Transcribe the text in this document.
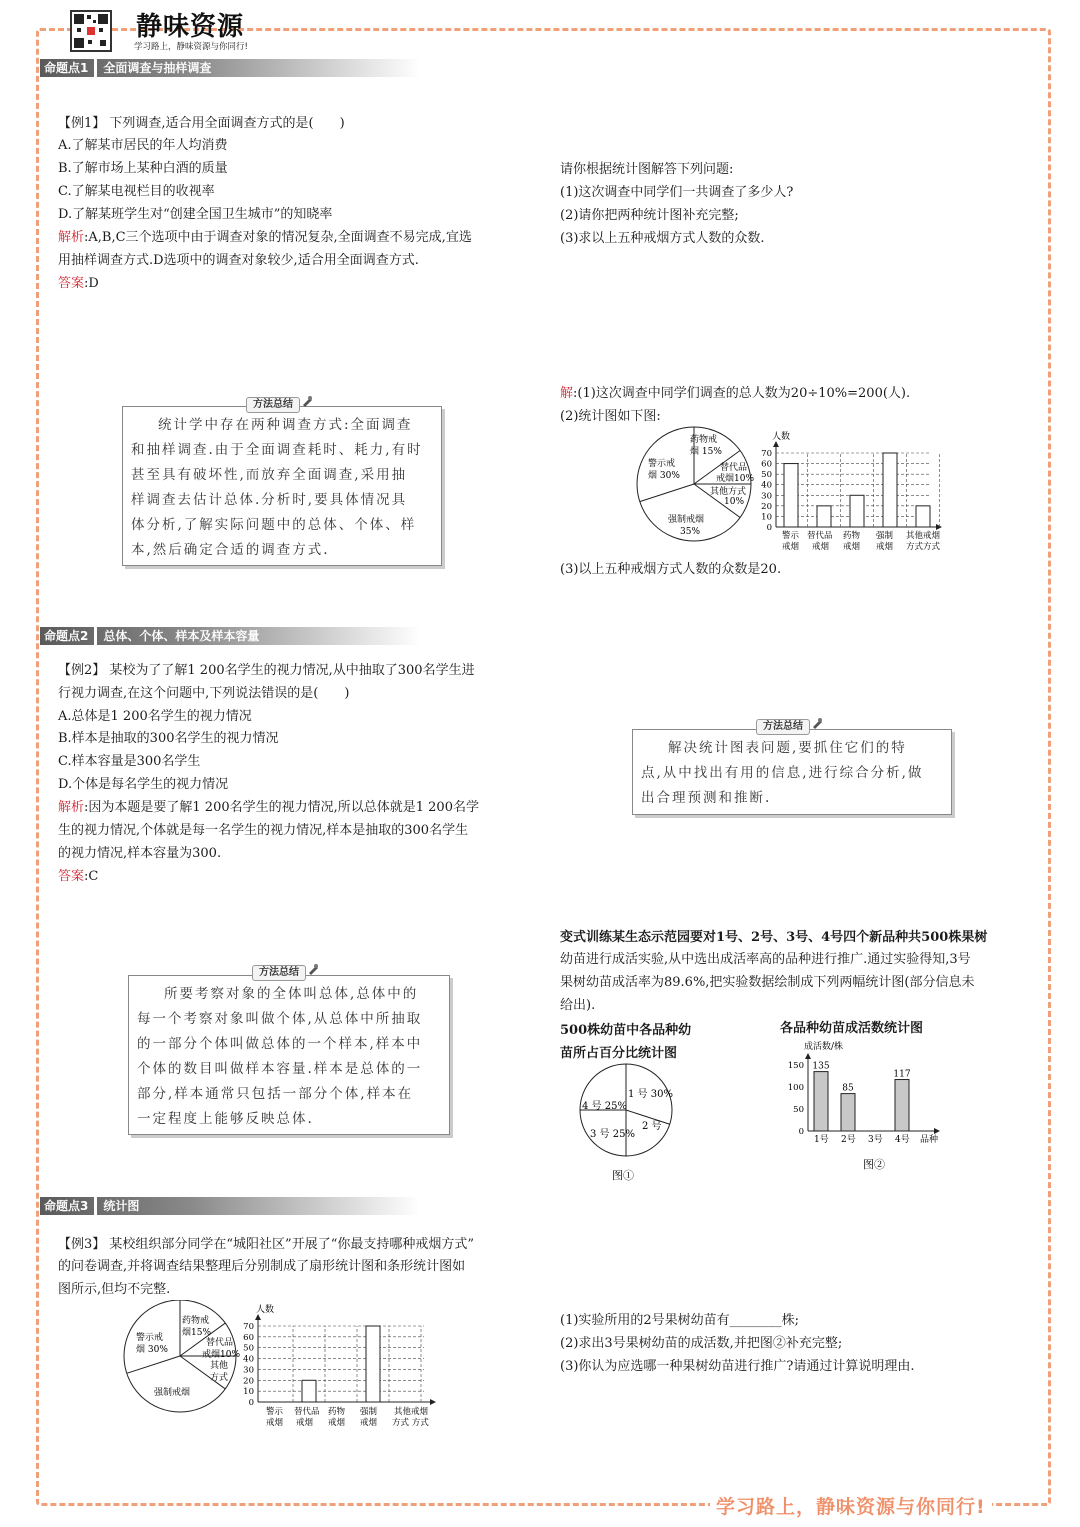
静味资源
学习路上，静味资源与你同行!
命题点1 全面调查与抽样调查
【例1】 下列调查,适合用全面调查方式的是(　　)
A.了解某市居民的年人均消费
B.了解市场上某种白酒的质量
C.了解某电视栏目的收视率
D.了解某班学生对“创建全国卫生城市”的知晓率
解析:A,B,C三个选项中由于调查对象的情况复杂,全面调查不易完成,宜选
用抽样调查方式.D选项中的调查对象较少,适合用全面调查方式.
答案:D
统计学中存在两种调查方式:全面调查
和抽样调查.由于全面调查耗时、耗力,有时
甚至具有破坏性,而放弃全面调查,采用抽
样调查去估计总体.分析时,要具体情况具
体分析,了解实际问题中的总体、个体、样
本,然后确定合适的调查方式.
方法总结
请你根据统计图解答下列问题:
(1)这次调查中同学们一共调查了多少人?
(2)请你把两种统计图补充完整;
(3)求以上五种戒烟方式人数的众数.
解:(1)这次调查中同学们调查的总人数为20÷10%=200(人).
(2)统计图如下图:
药物戒
烟 15%
替代品
戒烟10%
其他方式
10%
警示戒
烟 30%
强制戒烟
35%
人数
0
10
20
30
40
50
60
70
警示
戒烟
替代品
戒烟
药物
戒烟
强制
戒烟
其他戒烟
方式方式
(3)以上五种戒烟方式人数的众数是20.
命题点2 总体、个体、样本及样本容量
【例2】 某校为了了解1 200名学生的视力情况,从中抽取了300名学生进
行视力调查,在这个问题中,下列说法错误的是(　　)
A.总体是1 200名学生的视力情况
B.样本是抽取的300名学生的视力情况
C.样本容量是300名学生
D.个体是每名学生的视力情况
解析:因为本题是要了解1 200名学生的视力情况,所以总体就是1 200名学
生的视力情况,个体就是每一名学生的视力情况,样本是抽取的300名学生
的视力情况,样本容量为300.
答案:C
解决统计图表问题,要抓住它们的特
点,从中找出有用的信息,进行综合分析,做
出合理预测和推断.
方法总结
所要考察对象的全体叫总体,总体中的
每一个考察对象叫做个体,从总体中所抽取
的一部分个体叫做总体的一个样本,样本中
个体的数目叫做样本容量.样本是总体的一
部分,样本通常只包括一部分个体,样本在
一定程度上能够反映总体.
方法总结
变式训练某生态示范园要对1号、2号、3号、4号四个新品种共500株果树
幼苗进行成活实验,从中选出成活率高的品种进行推广.通过实验得知,3号
果树幼苗成活率为89.6%,把实验数据绘制成下列两幅统计图(部分信息未
给出).
500株幼苗中各品种幼
苗所占百分比统计图
1 号 30%
4 号 25%
3 号 25%
2 号
图①
各品种幼苗成活数统计图
135
85
117
成活数/株
0
50
100
150
1号 2号 3号 4号 品种
图②
命题点3 统计图
【例3】 某校组织部分同学在“城阳社区”开展了“你最支持哪种戒烟方式”
的问卷调查,并将调查结果整理后分别制成了扇形统计图和条形统计图如
图所示,但均不完整.
药物戒
烟15%
替代品
戒烟10%
其他
方式
警示戒
烟 30%
强制戒烟
人数
0
10
20
30
40
50
60
70
警示
戒烟
替代品
戒烟
药物
戒烟
强制
戒烟
其他戒烟
方式 方式
(1)实验所用的2号果树幼苗有________株;
(2)求出3号果树幼苗的成活数,并把图②补充完整;
(3)你认为应选哪一种果树幼苗进行推广?请通过计算说明理由.
学习路上，静味资源与你同行!
